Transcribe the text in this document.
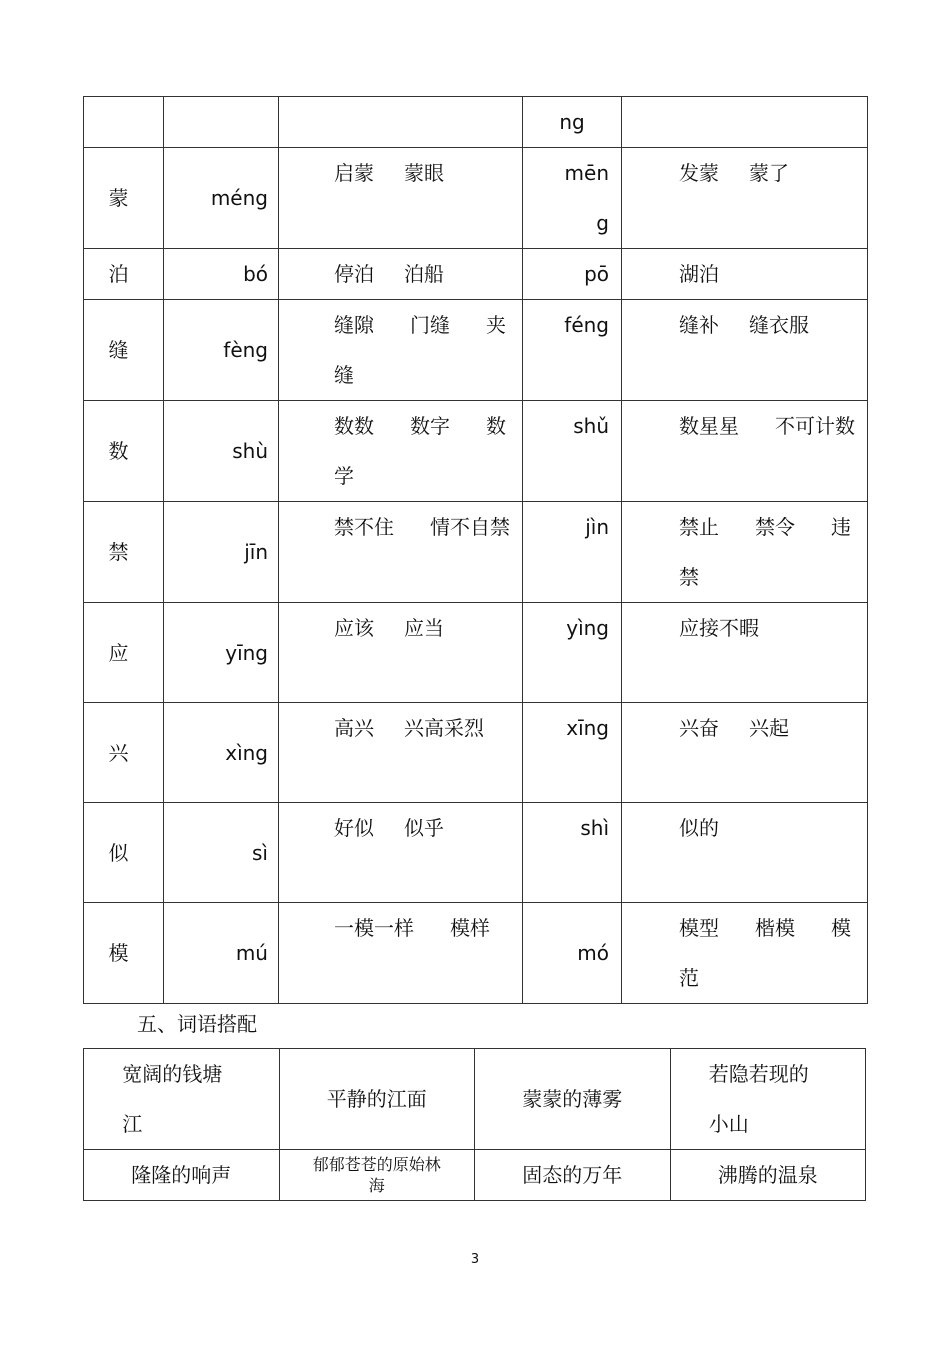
			ng	
蒙	méng	启蒙 蒙眼	mēng	发蒙 蒙了
泊	bó	停泊 泊船	pō	湖泊
缝	fèng	缝隙 门缝 夹缝	féng	缝补 缝衣服
数	shù	数数 数字 数学	shǔ	数星星 不可计数

禁	jīn	禁不住 情不自禁	jìn	禁止 禁令 违禁

应	yīng	应该 应当	yìng	应接不暇
兴	xìng	高兴 兴高采烈	xīng	兴奋 兴起
似	sì	好似 似乎	shì	似的
模	mú	一模一样 模样	mó	模型 楷模 模范
五、词语搭配
宽阔的钱塘江	平静的江面	蒙蒙的薄雾	若隐若现的小山
隆隆的响声	郁郁苍苍的原始林海	固态的万年	沸腾的温泉
3
